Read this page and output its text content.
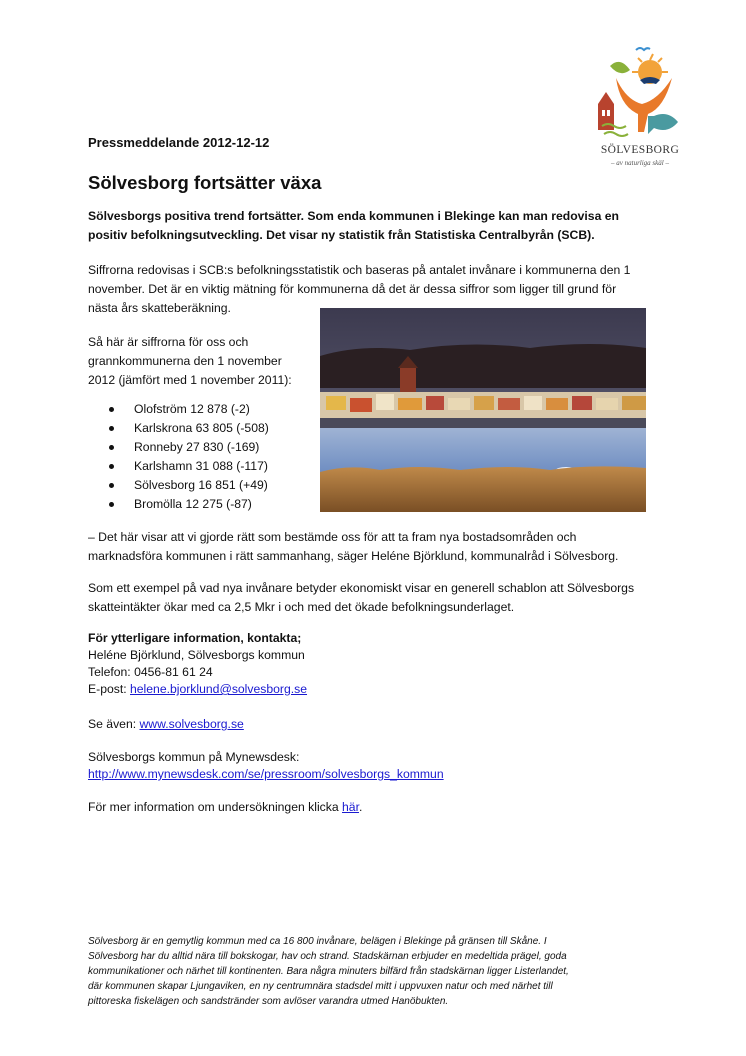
SÖLVESBORG
– av naturliga skäl –
Pressmeddelande 2012-12-12
Sölvesborg fortsätter växa
Sölvesborgs positiva trend fortsätter. Som enda kommunen i Blekinge kan man redovisa en
positiv befolkningsutveckling. Det visar ny statistik från Statistiska Centralbyrån (SCB).
Siffrorna redovisas i SCB:s befolkningsstatistik och baseras på antalet invånare i kommunerna den 1
november. Det är en viktig mätning för kommunerna då det är dessa siffror som ligger till grund för
nästa års skatteberäkning.
Så här är siffrorna för oss och
grannkommunerna den 1 november
2012 (jämfört med 1 november 2011):
Olofström 12 878 (-2)
Karlskrona 63 805 (-508)
Ronneby 27 830 (-169)
Karlshamn 31 088 (-117)
Sölvesborg 16 851 (+49)
Bromölla 12 275 (-87)
– Det här visar att vi gjorde rätt som bestämde oss för att ta fram nya bostadsområden och
marknadsföra kommunen i rätt sammanhang, säger Heléne Björklund, kommunalråd i Sölvesborg.
Som ett exempel på vad nya invånare betyder ekonomiskt visar en generell schablon att Sölvesborgs
skatteintäkter ökar med ca 2,5 Mkr i och med det ökade befolkningsunderlaget.
För ytterligare information, kontakta;
Heléne Björklund, Sölvesborgs kommun
Telefon: 0456-81 61 24
E-post: helene.bjorklund@solvesborg.se
Se även: www.solvesborg.se
Sölvesborgs kommun på Mynewsdesk:
http://www.mynewsdesk.com/se/pressroom/solvesborgs_kommun
För mer information om undersökningen klicka här.
Sölvesborg är en gemytlig kommun med ca 16 800 invånare, belägen i Blekinge på gränsen till Skåne. I
Sölvesborg har du alltid nära till bokskogar, hav och strand. Stadskärnan erbjuder en medeltida prägel, goda
kommunikationer och närhet till kontinenten. Bara några minuters bilfärd från stadskärnan ligger Listerlandet,
där kommunen skapar Ljungaviken, en ny centrumnära stadsdel mitt i uppvuxen natur och med närhet till
pittoreska fiskelägen och sandstränder som avlöser varandra utmed Hanöbukten.
